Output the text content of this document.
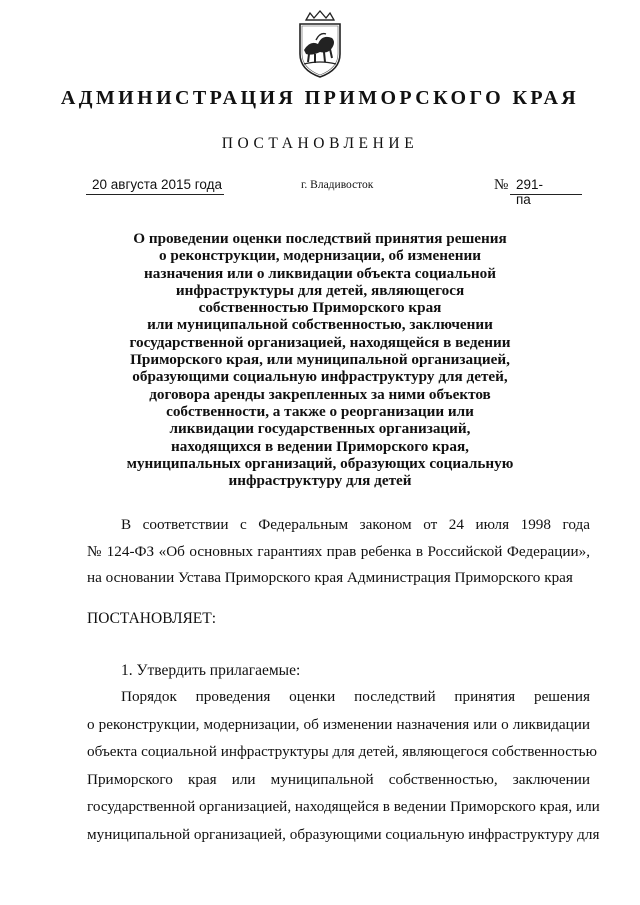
АДМИНИСТРАЦИЯ ПРИМОРСКОГО КРАЯ
ПОСТАНОВЛЕНИЕ
20 августа 2015 года	г. Владивосток	№ 291-па
О проведении оценки последствий принятия решения
о реконструкции, модернизации, об изменении
назначения или о ликвидации объекта социальной
инфраструктуры для детей, являющегося
собственностью Приморского края
или муниципальной собственностью, заключении
государственной организацией, находящейся в ведении
Приморского края, или муниципальной организацией,
образующими социальную инфраструктуру для детей,
договора аренды закрепленных за ними объектов
собственности, а также о реорганизации или
ликвидации государственных организаций,
находящихся в ведении Приморского края,
муниципальных организаций, образующих социальную
инфраструктуру для детей
В соответствии с Федеральным законом от 24 июля 1998 года
№ 124-ФЗ «Об основных гарантиях прав ребенка в Российской Федерации»,
на основании Устава Приморского края Администрация Приморского края
ПОСТАНОВЛЯЕТ:
1. Утвердить прилагаемые:
Порядок проведения оценки последствий принятия решения
о реконструкции, модернизации, об изменении назначения или о ликвидации
объекта социальной инфраструктуры для детей, являющегося собственностью
Приморского края или муниципальной собственностью, заключении
государственной организацией, находящейся в ведении Приморского края, или
муниципальной организацией, образующими социальную инфраструктуру для
